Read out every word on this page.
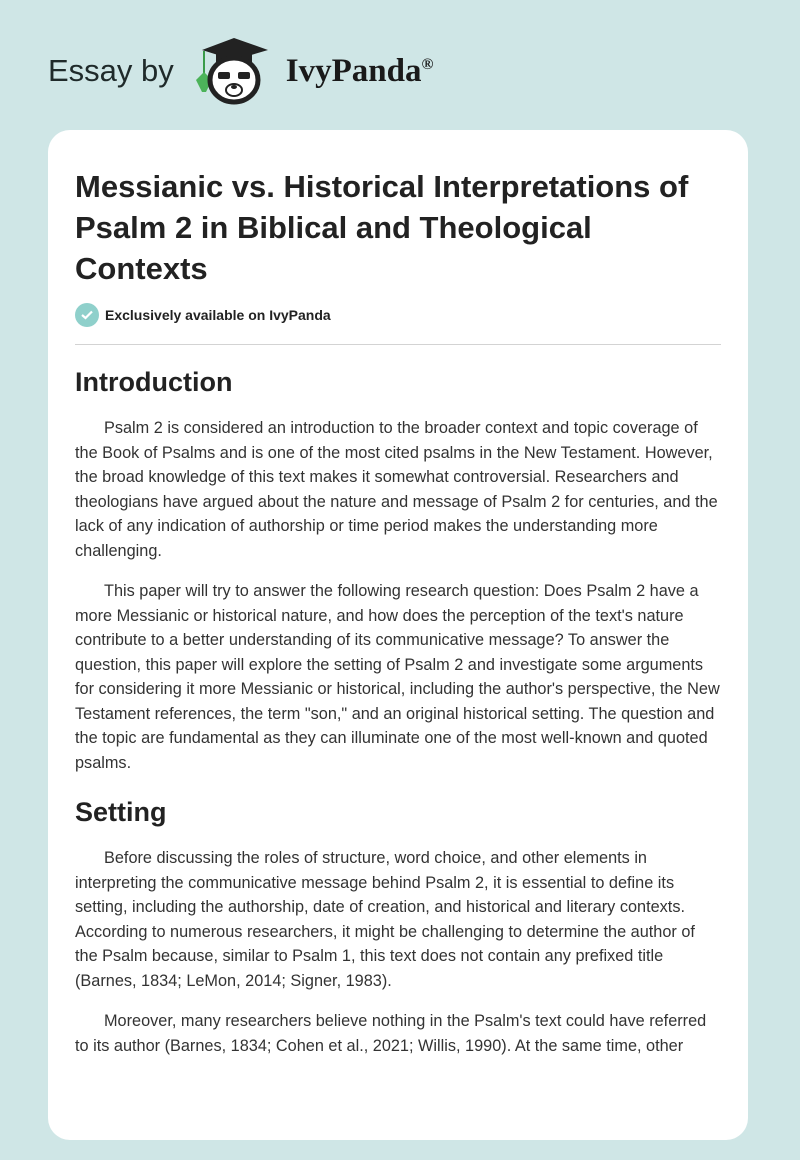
Essay by	IvyPanda®
Messianic vs. Historical Interpretations of Psalm 2 in Biblical and Theological Contexts
Exclusively available on IvyPanda
Introduction

Psalm 2 is considered an introduction to the broader context and topic coverage of the Book of Psalms and is one of the most cited psalms in the New Testament. However, the broad knowledge of this text makes it somewhat controversial. Researchers and theologians have argued about the nature and message of Psalm 2 for centuries, and the lack of any indication of authorship or time period makes the understanding more challenging.

This paper will try to answer the following research question: Does Psalm 2 have a more Messianic or historical nature, and how does the perception of the text's nature contribute to a better understanding of its communicative message? To answer the question, this paper will explore the setting of Psalm 2 and investigate some arguments for considering it more Messianic or historical, including the author's perspective, the New Testament references, the term "son," and an original historical setting. The question and the topic are fundamental as they can illuminate one of the most well-known and quoted psalms.

Setting

Before discussing the roles of structure, word choice, and other elements in interpreting the communicative message behind Psalm 2, it is essential to define its setting, including the authorship, date of creation, and historical and literary contexts. According to numerous researchers, it might be challenging to determine the author of the Psalm because, similar to Psalm 1, this text does not contain any prefixed title (Barnes, 1834; LeMon, 2014; Signer, 1983).

Moreover, many researchers believe nothing in the Psalm's text could have referred to its author (Barnes, 1834; Cohen et al., 2021; Willis, 1990). At the same time, other
